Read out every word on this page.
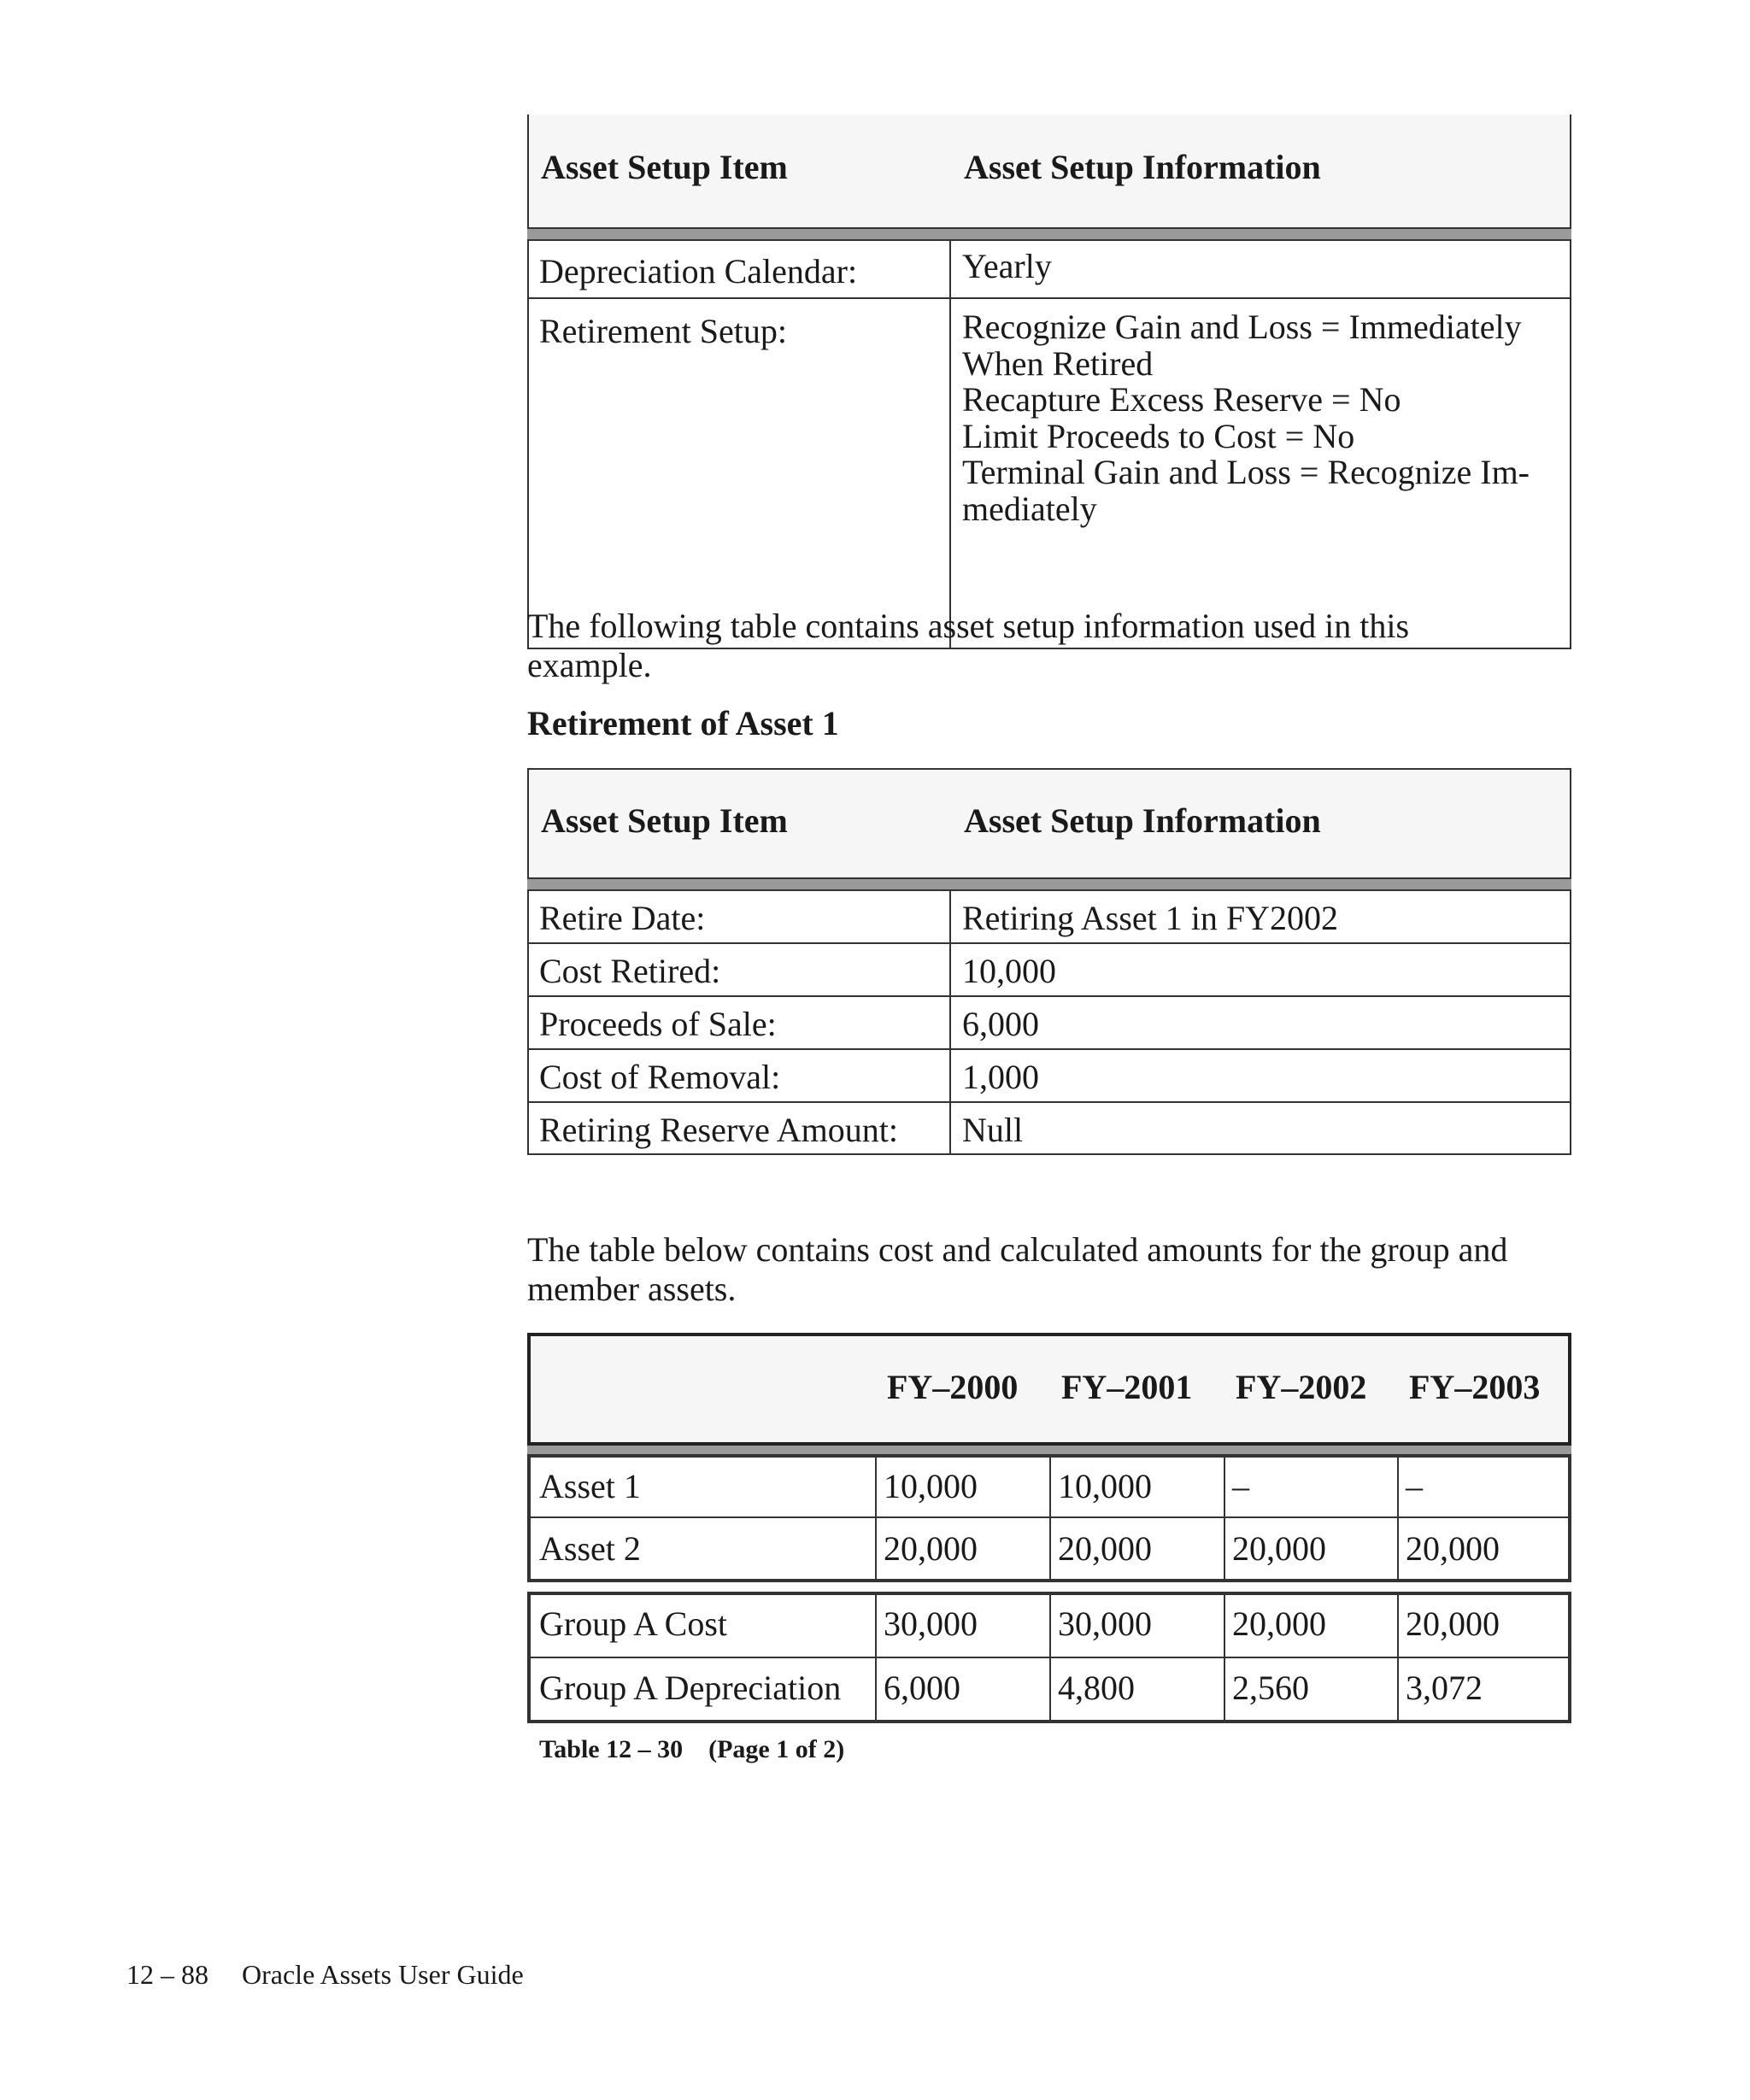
Asset Setup Item	Asset Setup Information
Depreciation Calendar:	Yearly
Retirement Setup:	Recognize Gain and Loss = Immediately
When Retired
Recapture Excess Reserve = No
Limit Proceeds to Cost = No
Terminal Gain and Loss = Recognize Im-
mediately
The following table contains asset setup information used in this example.
Retirement of Asset 1
Asset Setup Item	Asset Setup Information
Retire Date:	Retiring Asset 1 in FY2002
Cost Retired:	10,000
Proceeds of Sale:	6,000
Cost of Removal:	1,000
Retiring Reserve Amount: Null
The table below contains cost and calculated amounts for the group and member assets.
FY–2000 FY–2001 FY–2002 FY–2003
Asset 1	10,000 10,000 –	–
Asset 2	20,000 20,000 20,000 20,000
Group A Cost	30,000 30,000 20,000 20,000
Group A Depreciation 6,000	4,800	2,560	3,072
Table 12 – 30    (Page 1 of 2)
12 – 88 Oracle Assets User Guide
